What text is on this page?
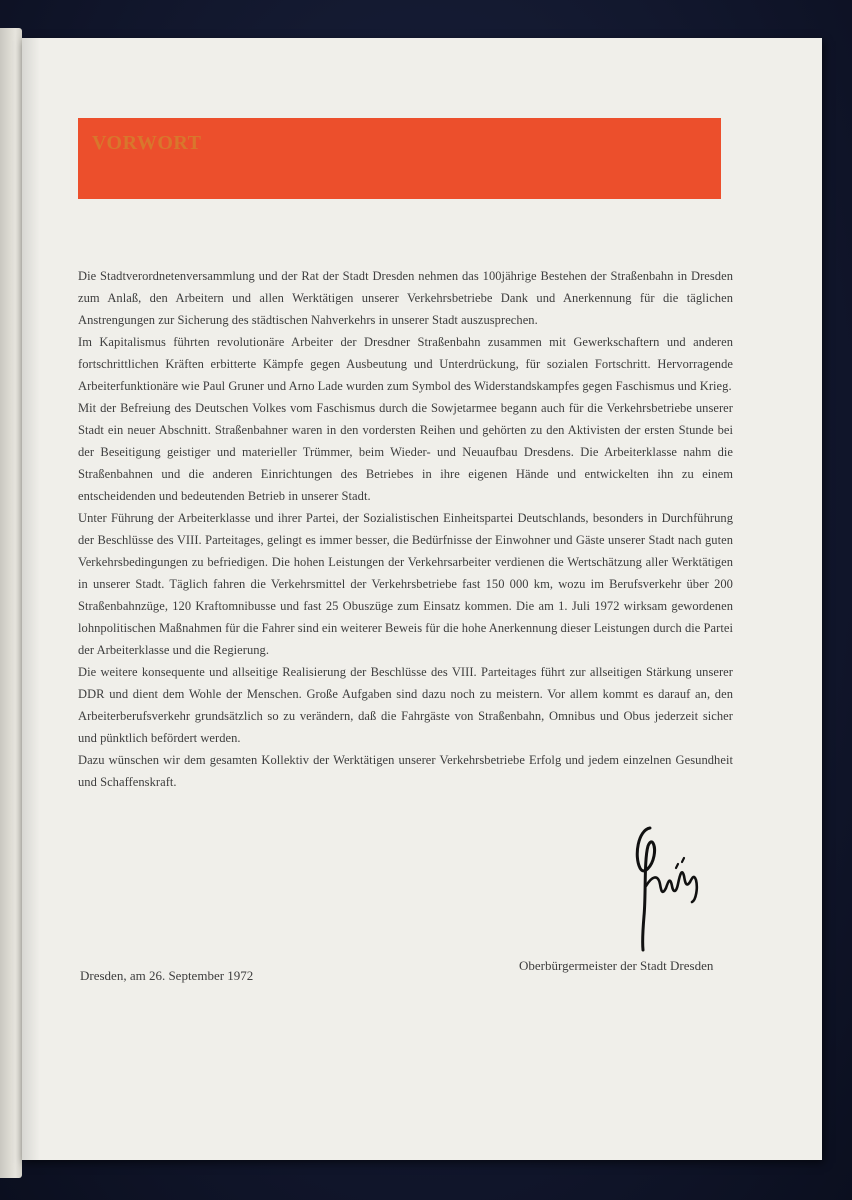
VORWORT

Die Stadtverordnetenversammlung und der Rat der Stadt Dresden nehmen das 100jährige Bestehen der Straßenbahn in Dresden zum Anlaß, den Arbeitern und allen Werktätigen unserer Verkehrsbetriebe Dank und Anerkennung für die täglichen Anstrengungen zur Sicherung des städtischen Nahverkehrs in unserer Stadt auszusprechen.

Im Kapitalismus führten revolutionäre Arbeiter der Dresdner Straßenbahn zusammen mit Gewerkschaftern und anderen fortschrittlichen Kräften erbitterte Kämpfe gegen Ausbeutung und Unterdrückung, für sozialen Fortschritt. Hervorragende Arbeiterfunktionäre wie Paul Gruner und Arno Lade wurden zum Symbol des Widerstandskampfes gegen Faschismus und Krieg.

Mit der Befreiung des Deutschen Volkes vom Faschismus durch die Sowjetarmee begann auch für die Verkehrsbetriebe unserer Stadt ein neuer Abschnitt. Straßenbahner waren in den vordersten Reihen und gehörten zu den Aktivisten der ersten Stunde bei der Beseitigung geistiger und materieller Trümmer, beim Wieder- und Neuaufbau Dresdens. Die Arbeiterklasse nahm die Straßenbahnen und die anderen Einrichtungen des Betriebes in ihre eigenen Hände und entwickelten ihn zu einem entscheidenden und bedeutenden Betrieb in unserer Stadt.

Unter Führung der Arbeiterklasse und ihrer Partei, der Sozialistischen Einheitspartei Deutschlands, besonders in Durchführung der Beschlüsse des VIII. Parteitages, gelingt es immer besser, die Bedürfnisse der Einwohner und Gäste unserer Stadt nach guten Verkehrsbedingungen zu befriedigen. Die hohen Leistungen der Verkehrsarbeiter verdienen die Wertschätzung aller Werktätigen in unserer Stadt. Täglich fahren die Verkehrsmittel der Verkehrsbetriebe fast 150 000 km, wozu im Berufsverkehr über 200 Straßenbahnzüge, 120 Kraftomnibusse und fast 25 Obuszüge zum Einsatz kommen. Die am 1. Juli 1972 wirksam gewordenen lohnpolitischen Maßnahmen für die Fahrer sind ein weiterer Beweis für die hohe Anerkennung dieser Leistungen durch die Partei der Arbeiterklasse und die Regierung.

Die weitere konsequente und allseitige Realisierung der Beschlüsse des VIII. Parteitages führt zur allseitigen Stärkung unserer DDR und dient dem Wohle der Menschen. Große Aufgaben sind dazu noch zu meistern. Vor allem kommt es darauf an, den Arbeiterberufsverkehr grundsätzlich so zu verändern, daß die Fahrgäste von Straßenbahn, Omnibus und Obus jederzeit sicher und pünktlich befördert werden.

Dazu wünschen wir dem gesamten Kollektiv der Werktätigen unserer Verkehrsbetriebe Erfolg und jedem einzelnen Gesundheit und Schaffenskraft.

Dresden, am 26. September 1972
Oberbürgermeister der Stadt Dresden
